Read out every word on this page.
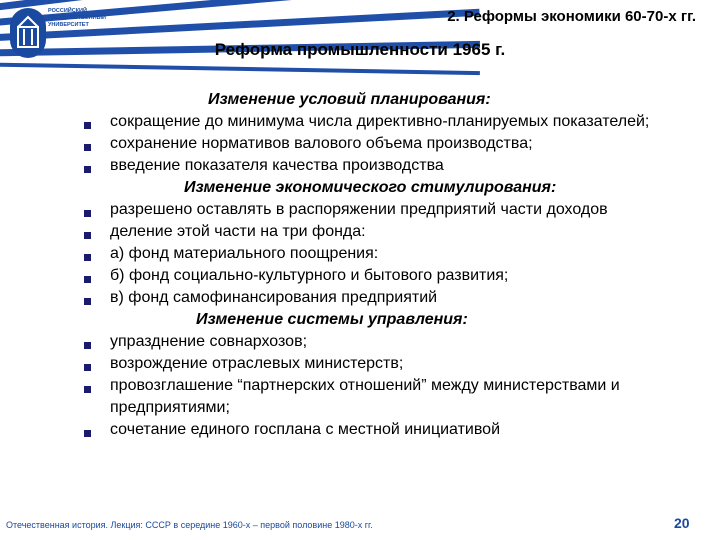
РОССИЙСКИЙ ГОСУДАРСТВЕННЫЙ УНИВЕРСИТЕТ	2. Реформы экономики 60-70-х гг.
Реформа промышленности 1965 г.
Изменение условий планирования:
сокращение до минимума числа директивно-планируемых показателей;
сохранение нормативов валового объема производства;
введение показателя качества производства
Изменение экономического стимулирования:
разрешено оставлять в распоряжении предприятий части доходов
деление этой части на три фонда:
а) фонд материального поощрения:
б) фонд социально-культурного и бытового развития;
в) фонд самофинансирования предприятий
Изменение системы управления:
упразднение совнархозов;
возрождение отраслевых министерств;
провозглашение “партнерских отношений” между министерствами и предприятиями;
сочетание единого госплана с местной инициативой
Отечественная история. Лекция: СССР в середине 1960-х – первой половине 1980-х гг.	20
